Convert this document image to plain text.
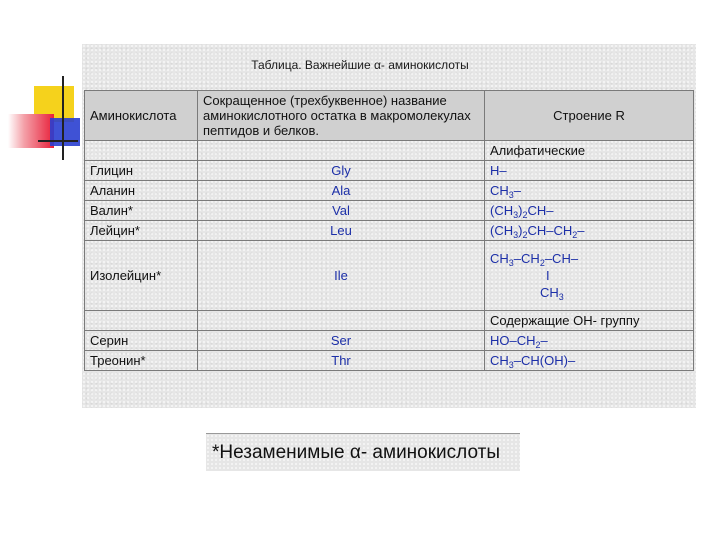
Таблица. Важнейшие α- аминокислоты
Аминокислота	Сокращенное (трехбуквенное) название аминокислотного остатка в макромолекулах пептидов и белков.	Строение R
		Алифатические
Глицин	Gly	H–
Аланин	Ala	$CH_3-$
Валин*	Val	$(CH_3)_2CH-$
Лейцин*	Leu	$(CH_3)_2CH-CH_2-$
Изолейцин*	Ile	$CH_3-CH_2-CH-$
I
$CH_3$
		Содержащие OH- группу
Серин	Ser	$HO-CH_2-$
Треонин*	Thr	$CH_3-CH(OH)-$
*Незаменимые α- аминокислоты
